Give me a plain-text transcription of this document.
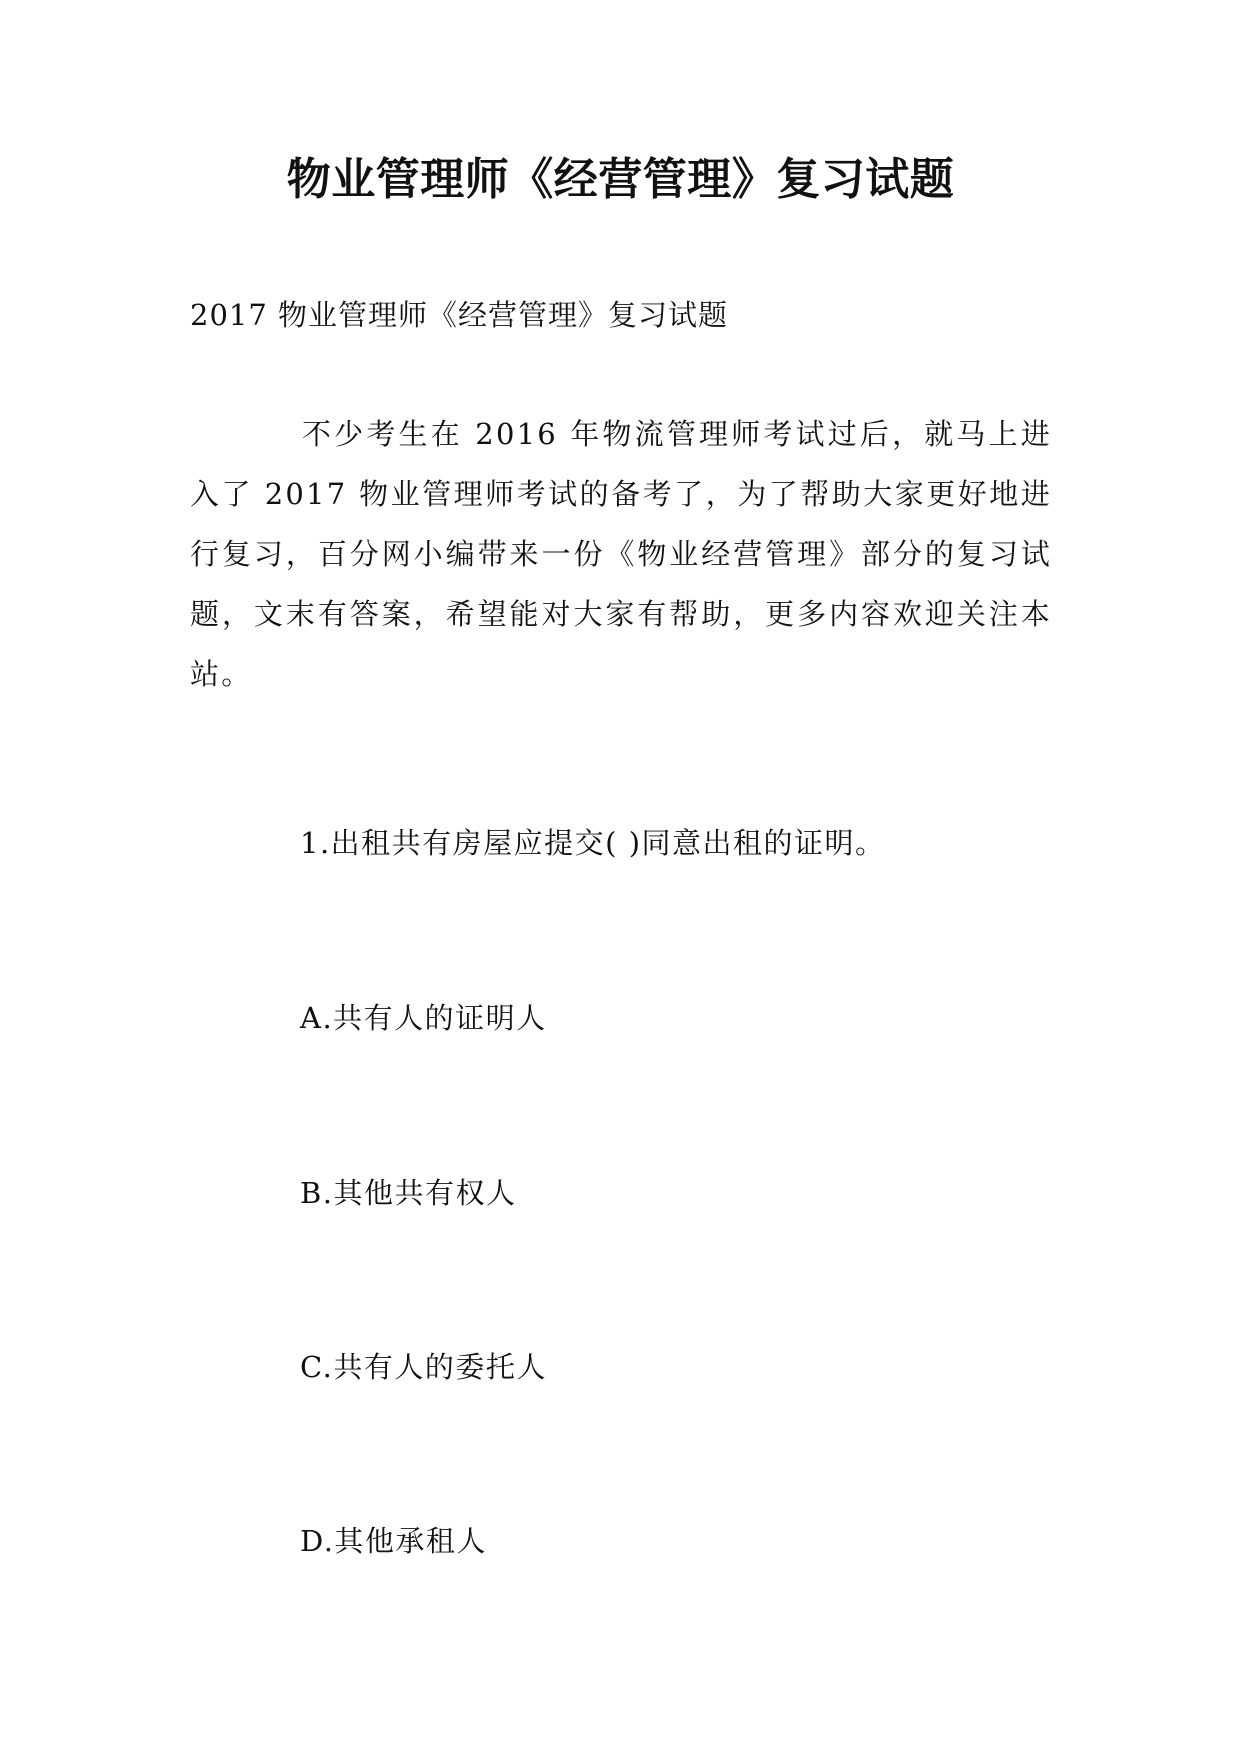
物业管理师《经营管理》复习试题
2017 物业管理师《经营管理》复习试题

不少考生在 2016 年物流管理师考试过后，就马上进入了 2017 物业管理师考试的备考了，为了帮助大家更好地进行复习，百分网小编带来一份《物业经营管理》部分的复习试题，文末有答案，希望能对大家有帮助，更多内容欢迎关注本站。

1.出租共有房屋应提交( )同意出租的证明。
A.共有人的证明人
B.其他共有权人
C.共有人的委托人
D.其他承租人
